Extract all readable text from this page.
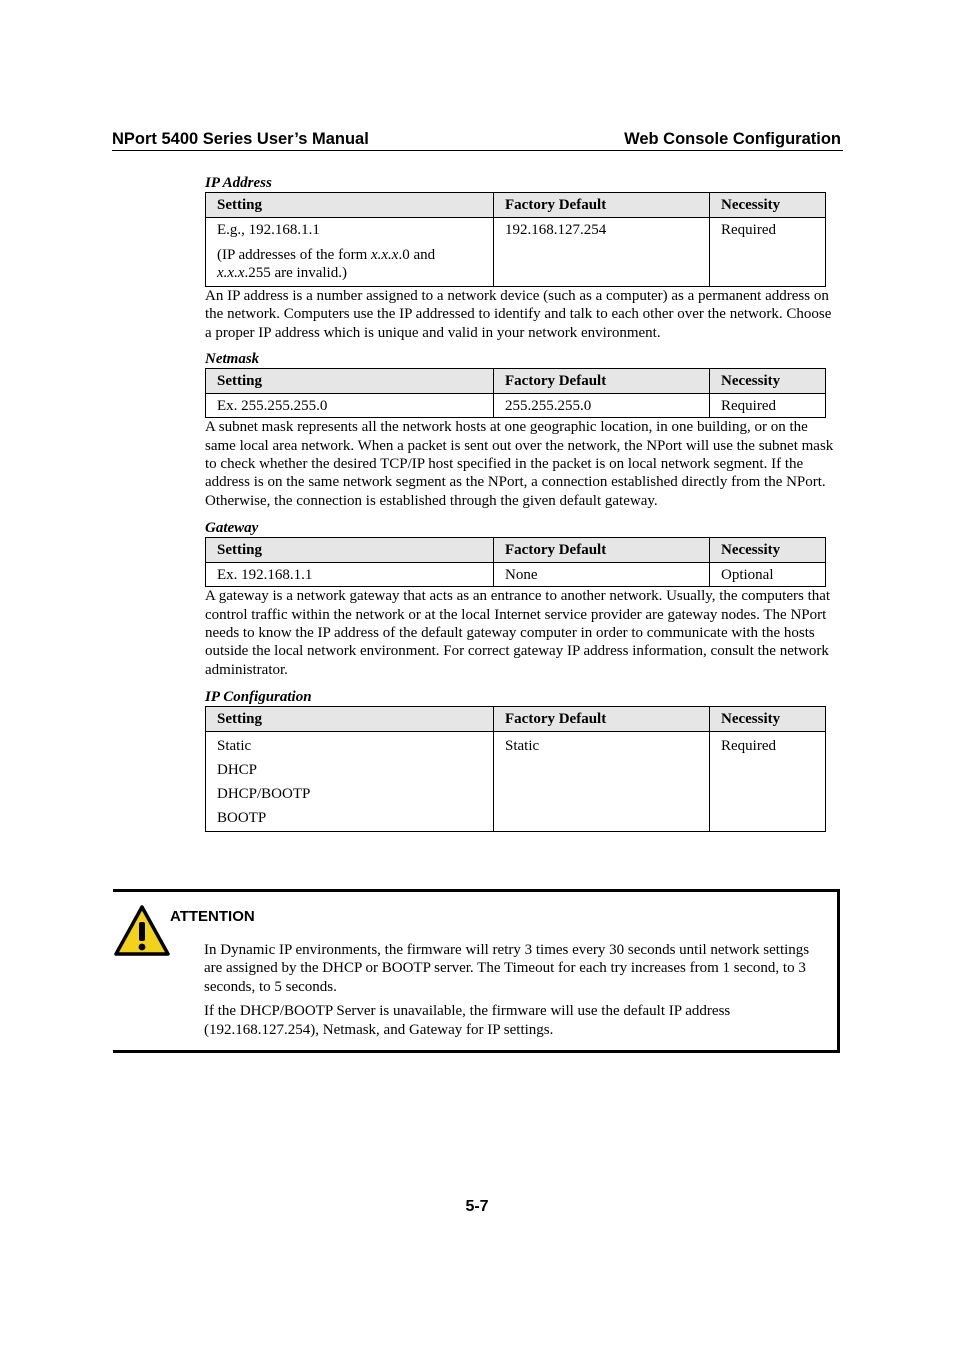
NPort 5400 Series User’s Manual	Web Console Configuration
IP Address
Setting	Factory Default	Necessity

E.g., 192.168.1.1
(IP addresses of the form x.x.x.0 and x.x.x.255 are invalid.)	192.168.127.254	Required

An IP address is a number assigned to a network device (such as a computer) as a permanent address on the network. Computers use the IP addressed to identify and talk to each other over the network. Choose a proper IP address which is unique and valid in your network environment.

Netmask
Setting	Factory Default	Necessity
Ex. 255.255.255.0	255.255.255.0	Required

A subnet mask represents all the network hosts at one geographic location, in one building, or on the same local area network. When a packet is sent out over the network, the NPort will use the subnet mask to check whether the desired TCP/IP host specified in the packet is on local network segment. If the address is on the same network segment as the NPort, a connection established directly from the NPort. Otherwise, the connection is established through the given default gateway.

Gateway
Setting	Factory Default	Necessity
Ex. 192.168.1.1	None	Optional

A gateway is a network gateway that acts as an entrance to another network. Usually, the computers that control traffic within the network or at the local Internet service provider are gateway nodes. The NPort needs to know the IP address of the default gateway computer in order to communicate with the hosts outside the local network environment. For correct gateway IP address information, consult the network administrator.

IP Configuration
Setting	Factory Default	Necessity

Static
DHCP
DHCP/BOOTP
BOOTP	Static	Required
ATTENTION

In Dynamic IP environments, the firmware will retry 3 times every 30 seconds until network settings are assigned by the DHCP or BOOTP server. The Timeout for each try increases from 1 second, to 3 seconds, to 5 seconds.

If the DHCP/BOOTP Server is unavailable, the firmware will use the default IP address (192.168.127.254), Netmask, and Gateway for IP settings.

5-7
